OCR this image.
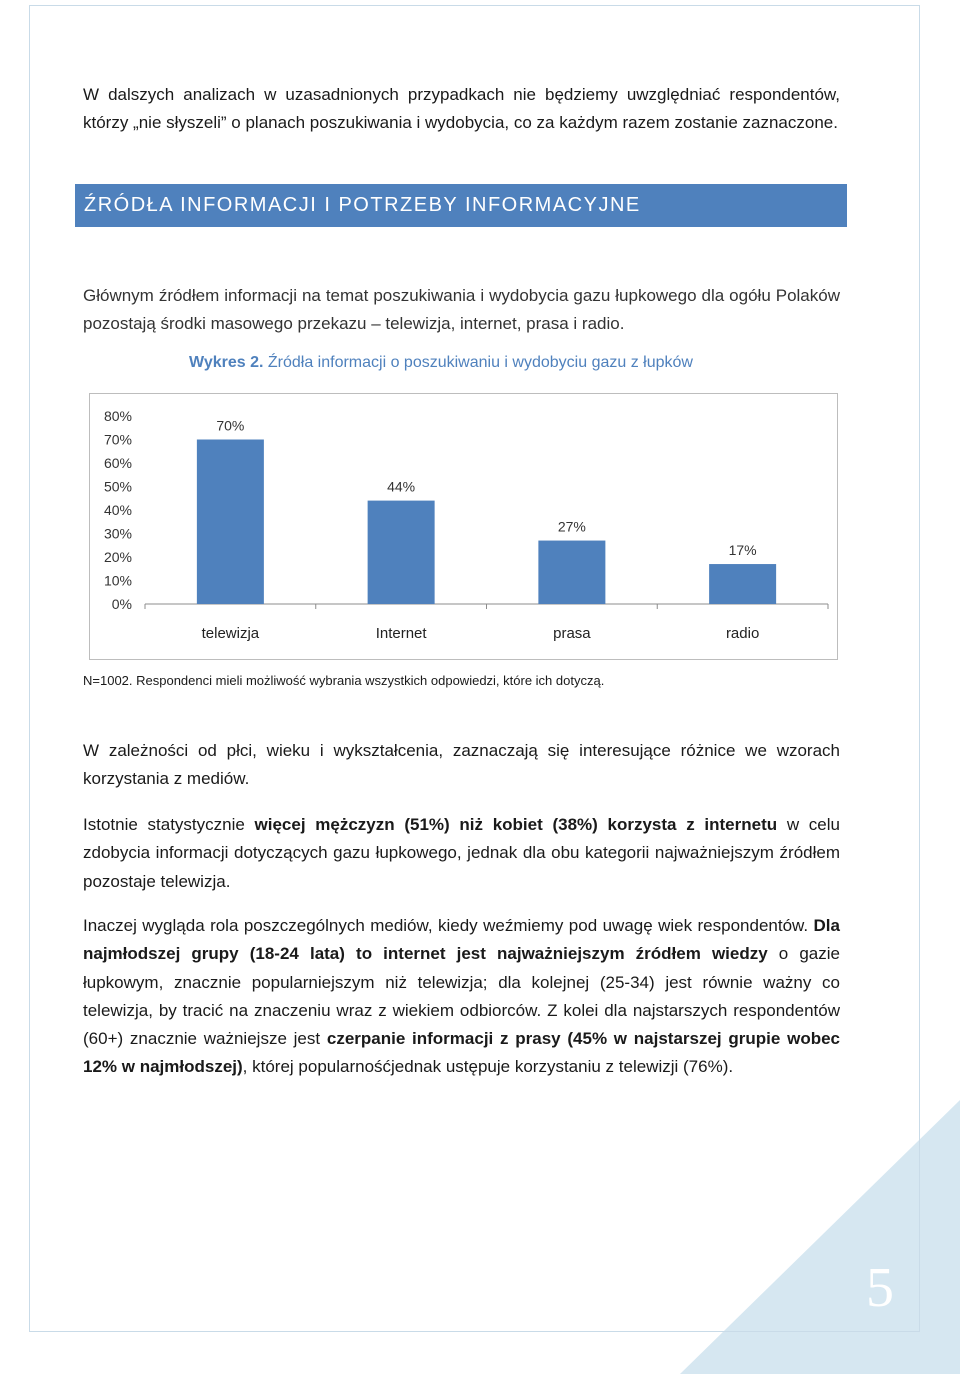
W dalszych analizach w uzasadnionych przypadkach nie będziemy uwzględniać respondentów, którzy „nie słyszeli” o planach poszukiwania i wydobycia, co za każdym razem zostanie zaznaczone.

ŹRÓDŁA INFORMACJI I POTRZEBY INFORMACYJNE

Głównym źródłem informacji na temat poszukiwania i wydobycia gazu łupkowego dla ogółu Polaków pozostają środki masowego przekazu – telewizja, internet, prasa i radio.

Wykres 2. Źródła informacji o poszukiwaniu i wydobyciu gazu z łupków
0%
10%
20%
30%
40%
50%
60%
70%
80%
70%
telewizja
44%
Internet
27%
prasa
17%
radio
N=1002. Respondenci mieli możliwość wybrania wszystkich odpowiedzi, które ich dotyczą.

W zależności od płci, wieku i wykształcenia, zaznaczają się interesujące różnice we wzorach korzystania z mediów.

Istotnie statystycznie więcej mężczyzn (51%) niż kobiet (38%) korzysta z internetu w celu zdobycia informacji dotyczących gazu łupkowego, jednak dla obu kategorii najważniejszym źródłem pozostaje telewizja.

Inaczej wygląda rola poszczególnych mediów, kiedy weźmiemy pod uwagę wiek respondentów. Dla najmłodszej grupy (18-24 lata) to internet jest najważniejszym źródłem wiedzy o gazie łupkowym, znacznie popularniejszym niż telewizja; dla kolejnej (25-34) jest równie ważny co telewizja, by tracić na znaczeniu wraz z wiekiem odbiorców. Z kolei dla najstarszych respondentów (60+) znacznie ważniejsze jest czerpanie informacji z prasy (45% w najstarszej grupie wobec 12% w najmłodszej), której popularnośćjednak ustępuje korzystaniu z telewizji (76%).

5
